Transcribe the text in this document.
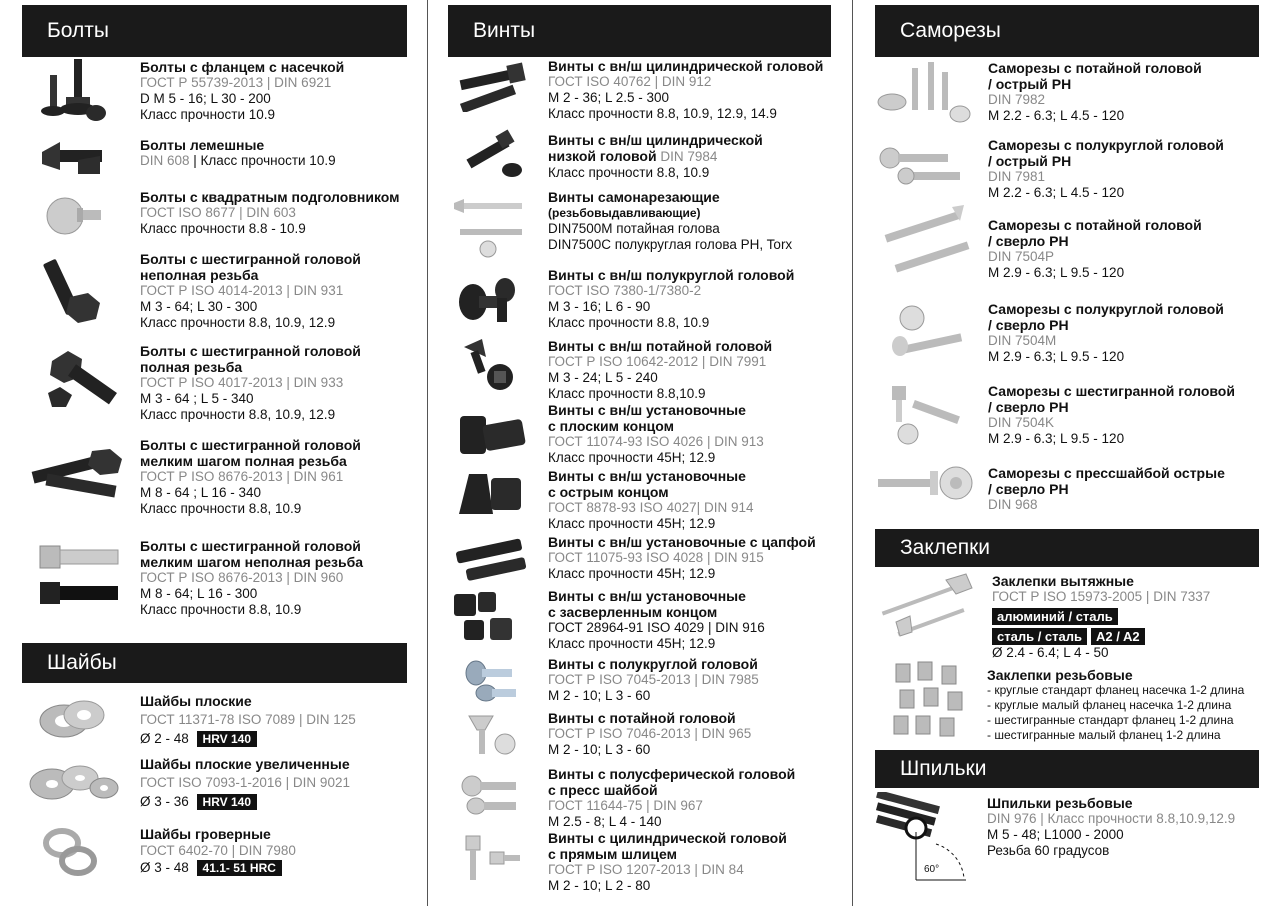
Болты
Болты с фланцем с насечкой
ГОСТ Р 55739-2013 | DIN 6921
D M 5 - 16; L 30 - 200
Класс прочности 10.9
Болты лемешные
DIN 608 | Класс прочности 10.9
Болты с квадратным подголовником
ГОСТ ISO 8677 | DIN 603
Класс прочности 8.8 - 10.9
Болты с шестигранной головой
неполная резьба
ГОСТ Р ISO 4014-2013 | DIN 931
M 3 - 64; L 30 - 300
Класс прочности 8.8, 10.9, 12.9
Болты с шестигранной головой
полная резьба
ГОСТ Р ISO 4017-2013 | DIN 933
M 3 - 64 ; L 5 - 340
Класс прочности 8.8, 10.9, 12.9
Болты с шестигранной головой
мелким шагом полная резьба
ГОСТ Р ISO 8676-2013 | DIN 961
M 8 - 64 ; L 16 - 340
Класс прочности 8.8, 10.9
Болты с шестигранной головой
мелким шагом неполная резьба
ГОСТ Р ISO 8676-2013 | DIN 960
M 8 - 64; L 16 - 300
Класс прочности 8.8, 10.9
Шайбы
Шайбы плоские
ГОСТ 11371-78 ISO 7089 | DIN 125
Ø 2 - 48 HRV 140
Шайбы плоские увеличенные
ГОСТ ISO 7093-1-2016 | DIN 9021
Ø 3 - 36 HRV 140
Шайбы гроверные
ГОСТ 6402-70 | DIN 7980
Ø 3 - 48 41.1- 51 HRC
Винты
Винты с вн/ш цилиндрической головой
ГОСТ ISO 40762 | DIN 912
M 2 - 36; L 2.5 - 300
Класс прочности 8.8, 10.9, 12.9, 14.9
Винты с вн/ш цилиндрической
низкой головой DIN 7984
Класс прочности 8.8, 10.9
Винты самонарезающие
(резьбовыдавливающие)
DIN7500M потайная голова
DIN7500C полукруглая голова PH, Torx
Винты с вн/ш полукруглой головой
ГОСТ ISO 7380-1/7380-2
M 3 - 16; L 6 - 90
Класс прочности 8.8, 10.9
Винты с вн/ш потайной головой
ГОСТ Р ISO 10642-2012 | DIN 7991
M 3 - 24; L 5 - 240
Класс прочности 8.8,10.9
Винты с вн/ш установочные
с плоским концом
ГОСТ 11074-93 ISO 4026 | DIN 913
Класс прочности 45H; 12.9
Винты с вн/ш установочные
с острым концом
ГОСТ 8878-93 ISO 4027| DIN 914
Класс прочности 45H; 12.9
Винты с вн/ш установочные с цапфой
ГОСТ 11075-93 ISO 4028 | DIN 915
Класс прочности 45H; 12.9
Винты с вн/ш установочные
с засверленным концом
ГОСТ 28964-91 ISO 4029 | DIN 916
Класс прочности 45H; 12.9
Винты с полукруглой головой
ГОСТ Р ISO 7045-2013 | DIN 7985
M 2 - 10; L 3 - 60
Винты с потайной головой
ГОСТ Р ISO 7046-2013 | DIN 965
M 2 - 10; L 3 - 60
Винты с полусферической головой
с пресс шайбой
ГОСТ 11644-75 | DIN 967
M 2.5 - 8; L 4 - 140
Винты с цилиндрической головой
с прямым шлицем
ГОСТ Р ISO 1207-2013 | DIN 84
M 2 - 10; L 2 - 80
Саморезы
Саморезы с потайной головой
/ острый PH
DIN 7982
M 2.2 - 6.3; L 4.5 - 120
Саморезы с полукруглой головой
/ острый PH
DIN 7981
M 2.2 - 6.3; L 4.5 - 120
Саморезы с потайной головой
/ сверло PH
DIN 7504P
M 2.9 - 6.3; L 9.5 - 120
Саморезы с полукруглой головой
/ сверло PH
DIN 7504M
M 2.9 - 6.3; L 9.5 - 120
Саморезы с шестигранной головой
/ сверло PH
DIN 7504K
M 2.9 - 6.3; L 9.5 - 120
Саморезы с прессшайбой острые
/ сверло PH
DIN 968
Заклепки
Заклепки вытяжные
ГОСТ Р ISO 15973-2005 | DIN 7337
алюминий / сталь
сталь / сталь A2 / A2
Ø 2.4 - 6.4; L 4 - 50
Заклепки резьбовые
- круглые стандарт фланец насечка 1-2 длина
- круглые малый фланец насечка 1-2 длина
- шестигранные стандарт фланец 1-2 длина
- шестигранные малый фланец 1-2 длина
Шпильки
60°
Шпильки резьбовые
DIN 976 | Класс прочности 8.8,10.9,12.9
M 5 - 48; L1000 - 2000
Резьба 60 градусов
